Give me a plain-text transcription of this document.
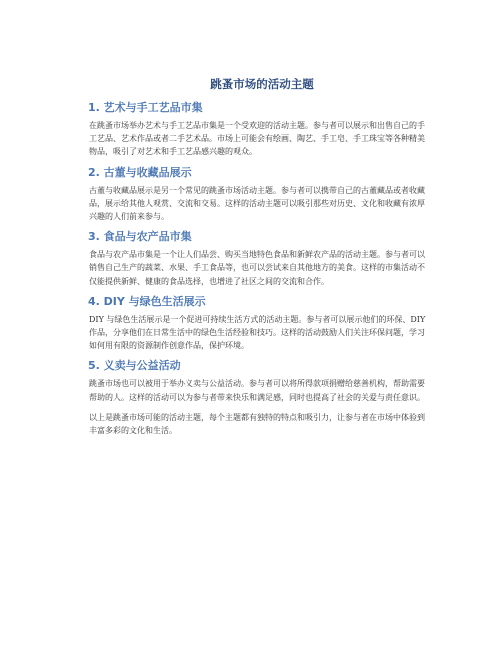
跳蚤市场的活动主题
1. 艺术与手工艺品市集

在跳蚤市场举办艺术与手工艺品市集是一个受欢迎的活动主题。参与者可以展示和出售自己的手工艺品、艺术作品或者二手艺术品。市场上可能会有绘画、陶艺、手工皂、手工珠宝等各种精美物品，吸引了对艺术和手工艺品感兴趣的观众。

2. 古董与收藏品展示

古董与收藏品展示是另一个常见的跳蚤市场活动主题。参与者可以携带自己的古董藏品或者收藏品，展示给其他人观赏、交流和交易。这样的活动主题可以吸引那些对历史、文化和收藏有浓厚兴趣的人们前来参与。

3. 食品与农产品市集

食品与农产品市集是一个让人们品尝、购买当地特色食品和新鲜农产品的活动主题。参与者可以销售自己生产的蔬菜、水果、手工食品等，也可以尝试来自其他地方的美食。这样的市集活动不仅能提供新鲜、健康的食品选择，也增进了社区之间的交流和合作。

4. DIY 与绿色生活展示

DIY 与绿色生活展示是一个促进可持续生活方式的活动主题。参与者可以展示他们的环保、DIY 作品，分享他们在日常生活中的绿色生活经验和技巧。这样的活动鼓励人们关注环保问题，学习如何用有限的资源制作创意作品，保护环境。

5. 义卖与公益活动

跳蚤市场也可以被用于举办义卖与公益活动。参与者可以将所得款项捐赠给慈善机构，帮助需要帮助的人。这样的活动可以为参与者带来快乐和满足感，同时也提高了社会的关爱与责任意识。

以上是跳蚤市场可能的活动主题，每个主题都有独特的特点和吸引力，让参与者在市场中体验到丰富多彩的文化和生活。
